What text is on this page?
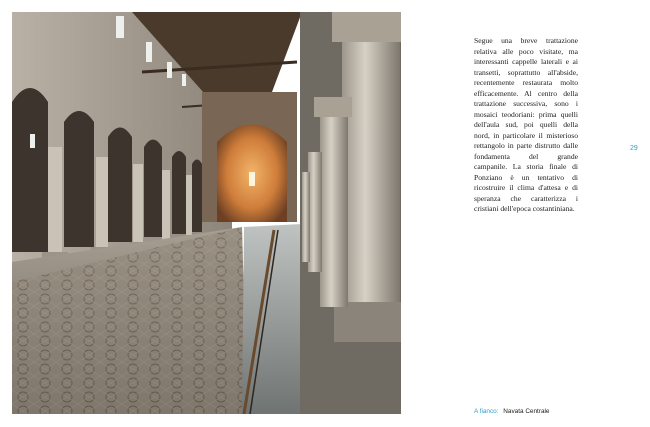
Segue una breve trattazione relativa alle poco visitate, ma interessanti cappelle laterali e ai transetti, soprattutto all'abside, recentemente restaurata molto efficacemente. Al centro della trattazione successiva, sono i mosaici teodoriani: prima quelli dell'aula sud, poi quelli della nord, in particolare il misterioso rettangolo in parte distrutto dalle fondamenta del grande campanile. La storia finale di Ponziano è un tentativo di ricostruire il clima d'attesa e di speranza che caratterizza i cristiani dell'epoca costantiniana.

29
A fianco: Navata Centrale
